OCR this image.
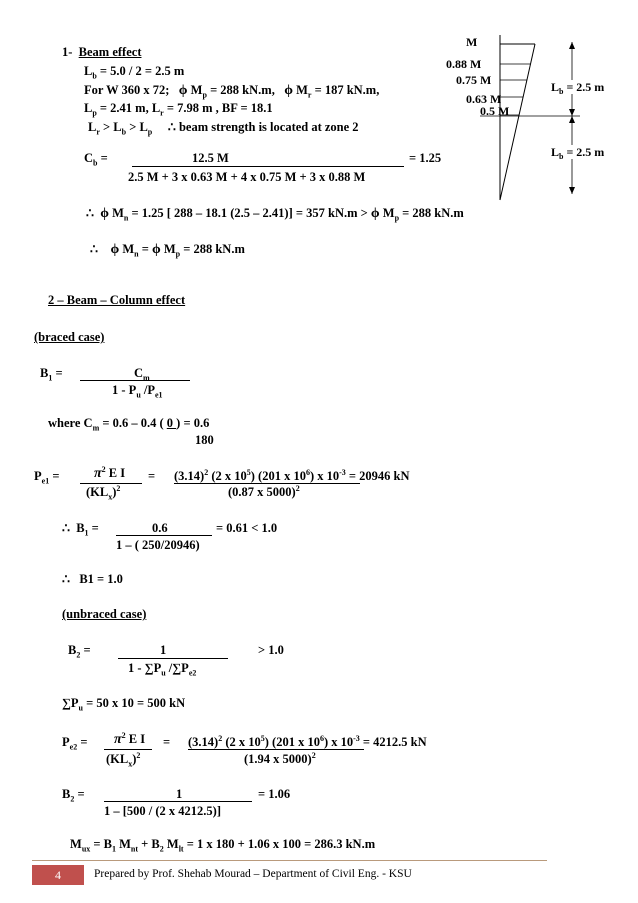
M
0.88 M
0.75 M
0.63 M
0.5 M
$L_b = 2.5$ m
$L_b = 2.5$ m
1- Beam effect
$L_b = 5.0 / 2 = 2.5$ m
For W 360 x 72; ϕ $M_p = 288$ kN.m, ϕ $M_r = 187$ kN.m,
$L_p = 2.41$ m, $L_r = 7.98$ m , BF = 18.1
$L_r > L_b > L_p$ ∴ beam strength is located at zone 2
$C_b$ =	12.5 M	= 1.25
2.5 M + 3 x 0.63 M + 4 x 0.75 M + 3 x 0.88 M
∴ ϕ $M_n = 1.25$ [ 288 – 18.1 (2.5 – 2.41)] = 357 kN.m > ϕ $M_p = 288$ kN.m
∴ ϕ $M_n = \phi$ $M_p = 288$ kN.m
2 – Beam – Column effect
(braced case)
$B_1$ =	$C_m$
$1 - P_u$ $/P_{e1}$
where $C_m = 0.6 - 0.4$ ( 0 ) = 0.6
180
$P_{e1} = \pi^2$ E I
$(KL_x)^2$
= $(3.14)^2$ (2 x $10^5$) (201 x $10^6$) x $10^{-3} = 20946$ kN
(0.87 x 5000)$^2$
∴  $B_1$ =	0.6	= 0.61 < 1.0
1 – ( 250/20946)
∴ B1 = 1.0
(unbraced case)
$B_2$ =	1	> 1.0
$1 - \sum P_u$ $/\sum P_{e2}$
$\sum P_u = 50$ x 10 = 500 kN
$P_{e2} = \pi^2$ E I
$(KL_x)^2$
= $(3.14)^2$ (2 x $10^5$) (201 x $10^6$) x $10^{-3} = 4212.5$ kN
(1.94 x 5000)$^2$
$B_2$ =	1	= 1.06
1 – [500 / (2 x 4212.5)]
$M_{ux} = B_1$ $M_{nt} + B_2$ $M_{lt} = 1$ x 180 + 1.06 x 100 = 286.3 kN.m
4	Prepared by Prof. Shehab Mourad – Department of Civil Eng. - KSU
